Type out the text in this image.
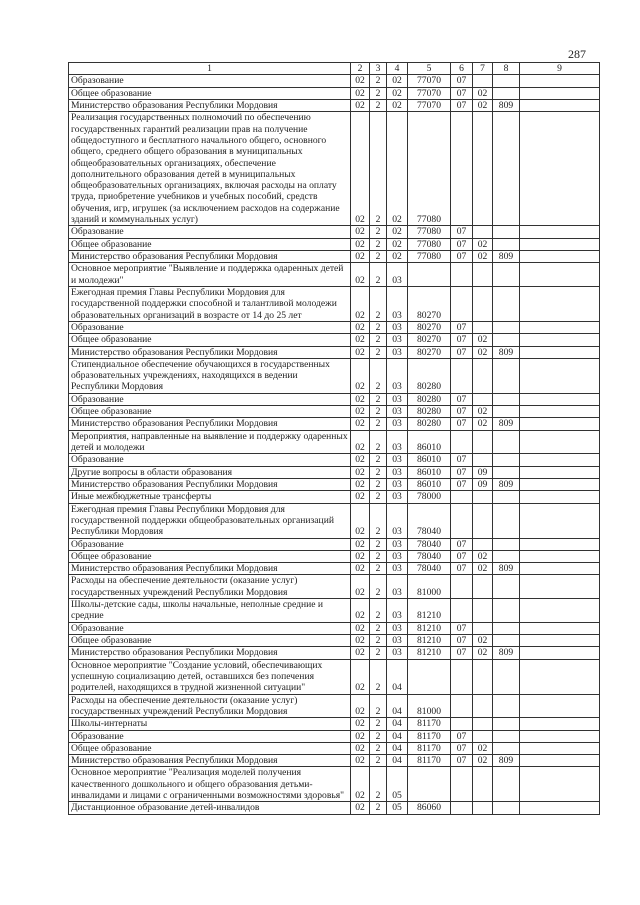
287
1	2	3	4	5	6	7	8	9	
Образование	02	2	02	77070	07				
Общее образование	02	2	02	77070	07	02			
Министерство образования Республики Мордовия	02	2	02	77070	07	02	809		
Реализация государственных полномочий по обеспечению государственных гарантий реализации прав на получение общедоступного и бесплатного начального общего, основного общего, среднего общего образования в муниципальных общеобразовательных организациях, обеспечение дополнительного образования детей в муниципальных общеобразовательных организациях, включая расходы на оплату труда, приобретение учебников и учебных пособий, средств обучения, игр, игрушек (за исключением расходов на содержание зданий и коммунальных услуг)	02	2	02	77080					
Образование	02	2	02	77080	07				
Общее образование	02	2	02	77080	07	02			
Министерство образования Республики Мордовия	02	2	02	77080	07	02	809		
Основное мероприятие "Выявление и поддержка одаренных детей и молодежи"	02	2	03						
Ежегодная премия Главы Республики Мордовия для государственной поддержки способной и талантливой молодежи образовательных организаций в возрасте от 14 до 25 лет	02	2	03	80270					
Образование	02	2	03	80270	07				
Общее образование	02	2	03	80270	07	02			
Министерство образования Республики Мордовия	02	2	03	80270	07	02	809		
Стипендиальное обеспечение обучающихся в государственных образовательных учреждениях, находящихся в ведении Республики Мордовия	02	2	03	80280					
Образование	02	2	03	80280	07				
Общее образование	02	2	03	80280	07	02			
Министерство образования Республики Мордовия	02	2	03	80280	07	02	809		
Мероприятия, направленные на выявление и поддержку одаренных детей и молодежи	02	2	03	86010					
Образование	02	2	03	86010	07				
Другие вопросы в области образования	02	2	03	86010	07	09			
Министерство образования Республики Мордовия	02	2	03	86010	07	09	809		
Иные межбюджетные трансферты	02	2	03	78000					
Ежегодная премия Главы Республики Мордовия для государственной поддержки общеобразовательных организаций Республики Мордовия	02	2	03	78040					
Образование	02	2	03	78040	07				
Общее образование	02	2	03	78040	07	02			
Министерство образования Республики Мордовия	02	2	03	78040	07	02	809		
Расходы на обеспечение деятельности (оказание услуг) государственных учреждений Республики Мордовия	02	2	03	81000					
Школы-детские сады, школы начальные, неполные средние и средние	02	2	03	81210					
Образование	02	2	03	81210	07				
Общее образование	02	2	03	81210	07	02			
Министерство образования Республики Мордовия	02	2	03	81210	07	02	809		
Основное мероприятие "Создание условий, обеспечивающих успешную социализацию детей, оставшихся без попечения родителей, находящихся в трудной жизненной ситуации"	02	2	04						
Расходы на обеспечение деятельности (оказание услуг) государственных учреждений Республики Мордовия	02	2	04	81000					
Школы-интернаты	02	2	04	81170					
Образование	02	2	04	81170	07				
Общее образование	02	2	04	81170	07	02			
Министерство образования Республики Мордовия	02	2	04	81170	07	02	809		
Основное мероприятие "Реализация моделей получения качественного дошкольного и общего образования детьми-инвалидами и лицами с ограниченными возможностями здоровья"	02	2	05						
Дистанционное образование детей-инвалидов	02	2	05	86060					
